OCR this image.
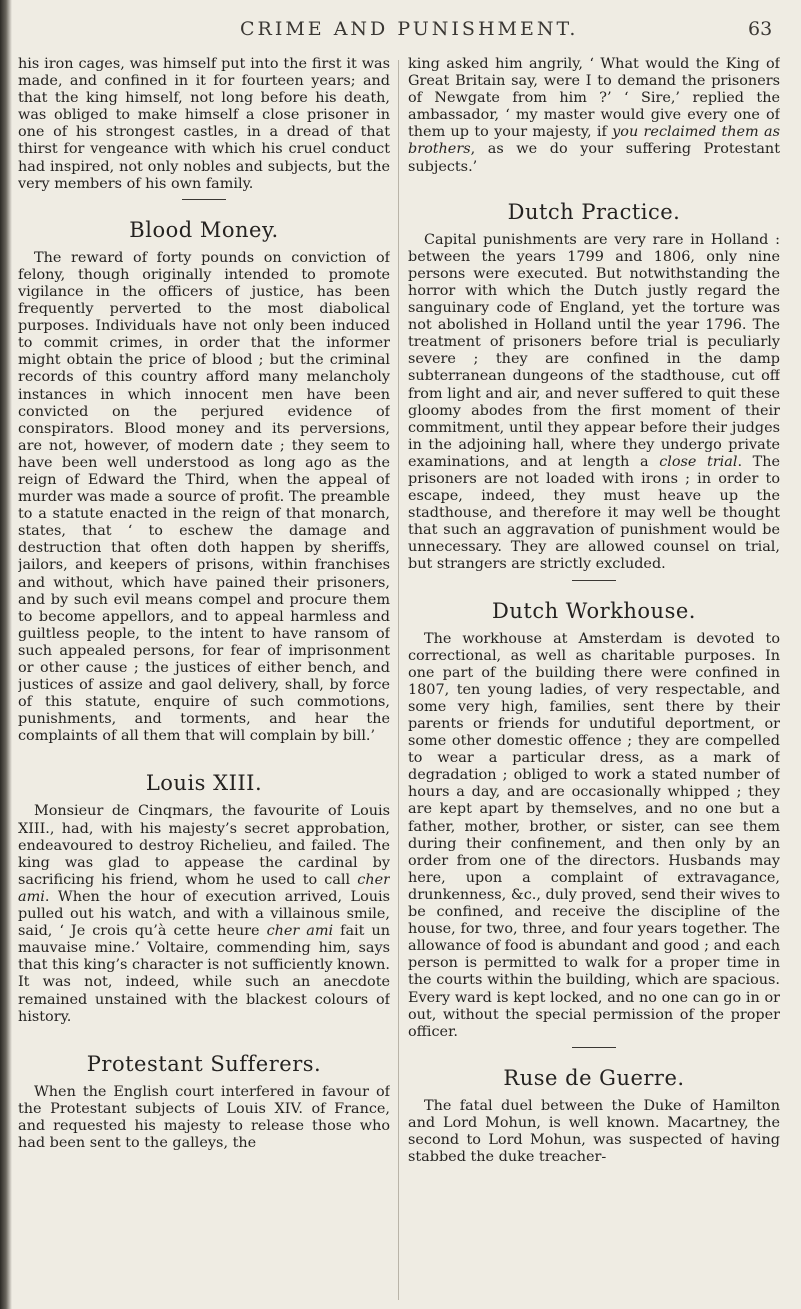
CRIME AND PUNISHMENT.	63

his iron cages, was himself put into the first it was made, and confined in it for fourteen years; and that the king himself, not long before his death, was obliged to make himself a close prisoner in one of his strongest castles, in a dread of that thirst for vengeance with which his cruel conduct had inspired, not only nobles and subjects, but the very members of his own family.

Blood Money.

The reward of forty pounds on conviction of felony, though originally intended to promote vigilance in the officers of justice, has been frequently perverted to the most diabolical purposes. Individuals have not only been induced to commit crimes, in order that the informer might obtain the price of blood ; but the criminal records of this country afford many melancholy instances in which innocent men have been convicted on the perjured evidence of conspirators. Blood money and its perversions, are not, however, of modern date ; they seem to have been well understood as long ago as the reign of Edward the Third, when the appeal of murder was made a source of profit. The preamble to a statute enacted in the reign of that monarch, states, that ‘ to eschew the damage and destruction that often doth happen by sheriffs, jailors, and keepers of prisons, within franchises and without, which have pained their prisoners, and by such evil means compel and procure them to become appellors, and to appeal harmless and guiltless people, to the intent to have ransom of such appealed persons, for fear of imprisonment or other cause ; the justices of either bench, and justices of assize and gaol delivery, shall, by force of this statute, enquire of such commotions, punishments, and torments, and hear the complaints of all them that will complain by bill.’

Louis XIII.

Monsieur de Cinqmars, the favourite of Louis XIII., had, with his majesty’s secret approbation, endeavoured to destroy Richelieu, and failed. The king was glad to appease the cardinal by sacrificing his friend, whom he used to call cher ami. When the hour of execution arrived, Louis pulled out his watch, and with a villainous smile, said, ‘ Je crois qu’à cette heure cher ami fait un mauvaise mine.’ Voltaire, commending him, says that this king’s character is not sufficiently known. It was not, indeed, while such an anecdote remained unstained with the blackest colours of history.

Protestant Sufferers.

When the English court interfered in favour of the Protestant subjects of Louis XIV. of France, and requested his majesty to release those who had been sent to the galleys, the

king asked him angrily, ‘ What would the King of Great Britain say, were I to demand the prisoners of Newgate from him ?’ ‘ Sire,’ replied the ambassador, ‘ my master would give every one of them up to your majesty, if you reclaimed them as brothers, as we do your suffering Protestant subjects.’

Dutch Practice.

Capital punishments are very rare in Holland : between the years 1799 and 1806, only nine persons were executed. But notwithstanding the horror with which the Dutch justly regard the sanguinary code of England, yet the torture was not abolished in Holland until the year 1796. The treatment of prisoners before trial is peculiarly severe ; they are confined in the damp subterranean dungeons of the stadthouse, cut off from light and air, and never suffered to quit these gloomy abodes from the first moment of their commitment, until they appear before their judges in the adjoining hall, where they undergo private examinations, and at length a close trial. The prisoners are not loaded with irons ; in order to escape, indeed, they must heave up the stadthouse, and therefore it may well be thought that such an aggravation of punishment would be unnecessary. They are allowed counsel on trial, but strangers are strictly excluded.

Dutch Workhouse.

The workhouse at Amsterdam is devoted to correctional, as well as charitable purposes. In one part of the building there were confined in 1807, ten young ladies, of very respectable, and some very high, families, sent there by their parents or friends for undutiful deportment, or some other domestic offence ; they are compelled to wear a particular dress, as a mark of degradation ; obliged to work a stated number of hours a day, and are occasionally whipped ; they are kept apart by themselves, and no one but a father, mother, brother, or sister, can see them during their confinement, and then only by an order from one of the directors. Husbands may here, upon a complaint of extravagance, drunkenness, &c., duly proved, send their wives to be confined, and receive the discipline of the house, for two, three, and four years together. The allowance of food is abundant and good ; and each person is permitted to walk for a proper time in the courts within the building, which are spacious. Every ward is kept locked, and no one can go in or out, without the special permission of the proper officer.

Ruse de Guerre.

The fatal duel between the Duke of Hamilton and Lord Mohun, is well known. Macartney, the second to Lord Mohun, was suspected of having stabbed the duke treacher-
